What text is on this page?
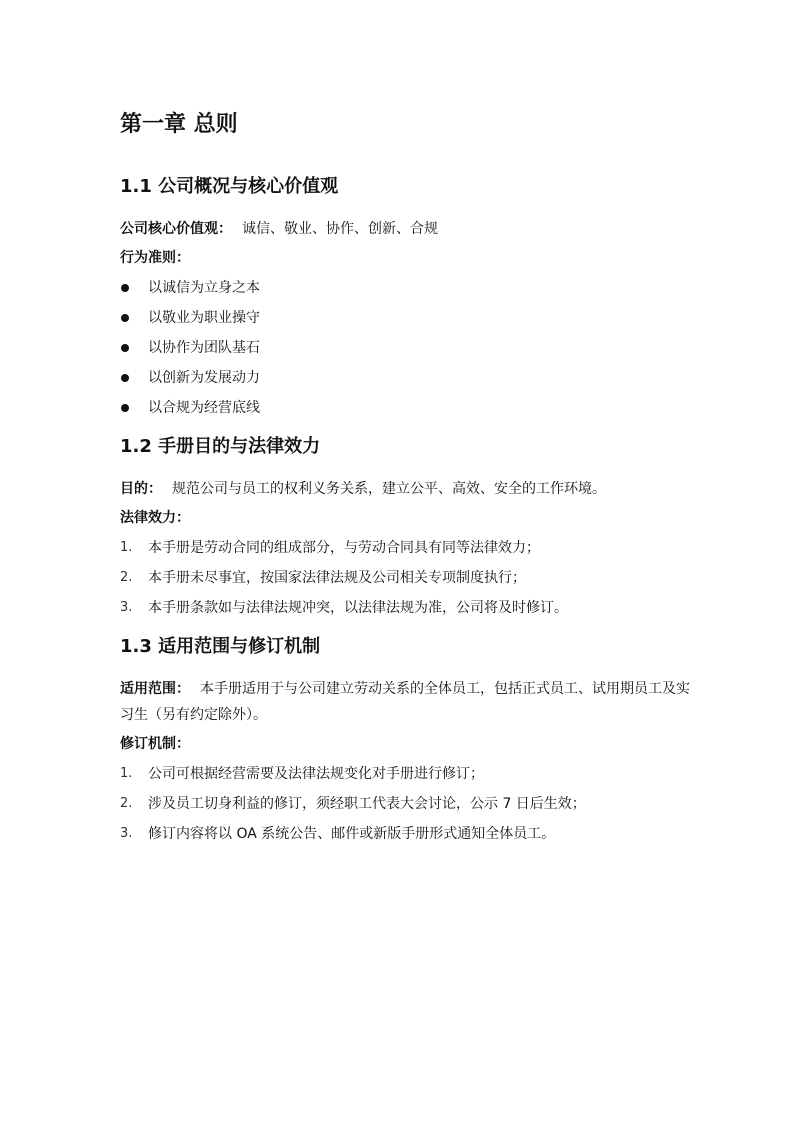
第一章 总则
1.1 公司概况与核心价值观

公司核心价值观： 诚信、敬业、协作、创新、合规

行为准则：

以诚信为立身之本
以敬业为职业操守
以协作为团队基石
以创新为发展动力
以合规为经营底线
1.2 手册目的与法律效力

目的： 规范公司与员工的权利义务关系，建立公平、高效、安全的工作环境。

法律效力：

1. 本手册是劳动合同的组成部分，与劳动合同具有同等法律效力；
2. 本手册未尽事宜，按国家法律法规及公司相关专项制度执行；
3. 本手册条款如与法律法规冲突，以法律法规为准，公司将及时修订。
1.3 适用范围与修订机制

适用范围： 本手册适用于与公司建立劳动关系的全体员工，包括正式员工、试用期员工及实习生（另有约定除外）。

修订机制：

1. 公司可根据经营需要及法律法规变化对手册进行修订；
2. 涉及员工切身利益的修订，须经职工代表大会讨论，公示 7 日后生效；
3. 修订内容将以 OA 系统公告、邮件或新版手册形式通知全体员工。
